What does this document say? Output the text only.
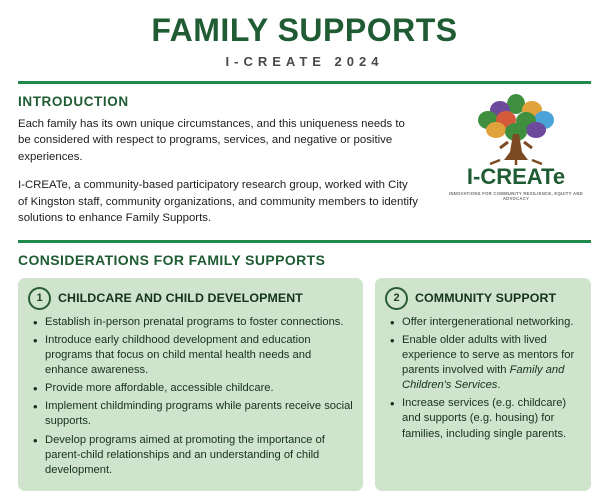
FAMILY SUPPORTS
I-CREATE 2024
INTRODUCTION

Each family has its own unique circumstances, and this uniqueness needs to be considered with respect to programs, services, and negative or positive experiences.

I-CREATe, a community-based participatory research group, worked with City of Kingston staff, community organizations, and community members to identify solutions to enhance Family Supports.

I-CREATe
INNOVATIONS FOR COMMUNITY RESILIENCE, EQUITY AND ADVOCACY
CONSIDERATIONS FOR FAMILY SUPPORTS
1	CHILDCARE AND CHILD DEVELOPMENT
• Establish in-person prenatal programs to foster connections.
• Introduce early childhood development and education programs that focus on child mental health needs and enhance awareness.
• Provide more affordable, accessible childcare.
• Implement childminding programs while parents receive social supports.
• Develop programs aimed at promoting the importance of parent-child relationships and an understanding of child development.
2	COMMUNITY SUPPORT
• Offer intergenerational networking.
• Enable older adults with lived experience to serve as mentors for parents involved with Family and Children's Services.
• Increase services (e.g. childcare) and supports (e.g. housing) for families, including single parents.
